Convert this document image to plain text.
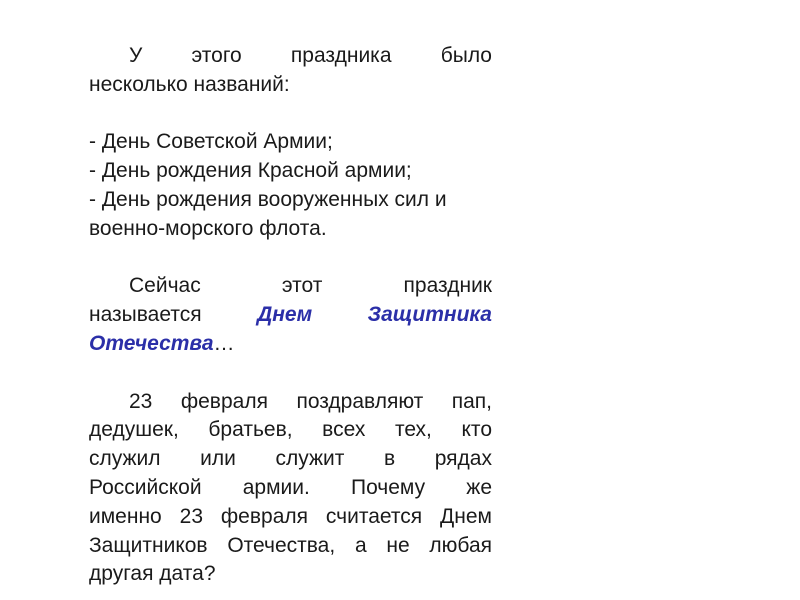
У этого праздника было
несколько названий:

- День Советской Армии;
- День рождения Красной армии;
- День рождения вооруженных сил и
военно-морского флота.

Сейчас этот праздник
называется	Днем Защитника
Отечества…

23 февраля поздравляют пап,
дедушек, братьев, всех тех, кто
служил или служит в рядах
Российской армии. Почему же
именно 23 февраля считается Днем
Защитников Отечества, а не любая
другая дата?
